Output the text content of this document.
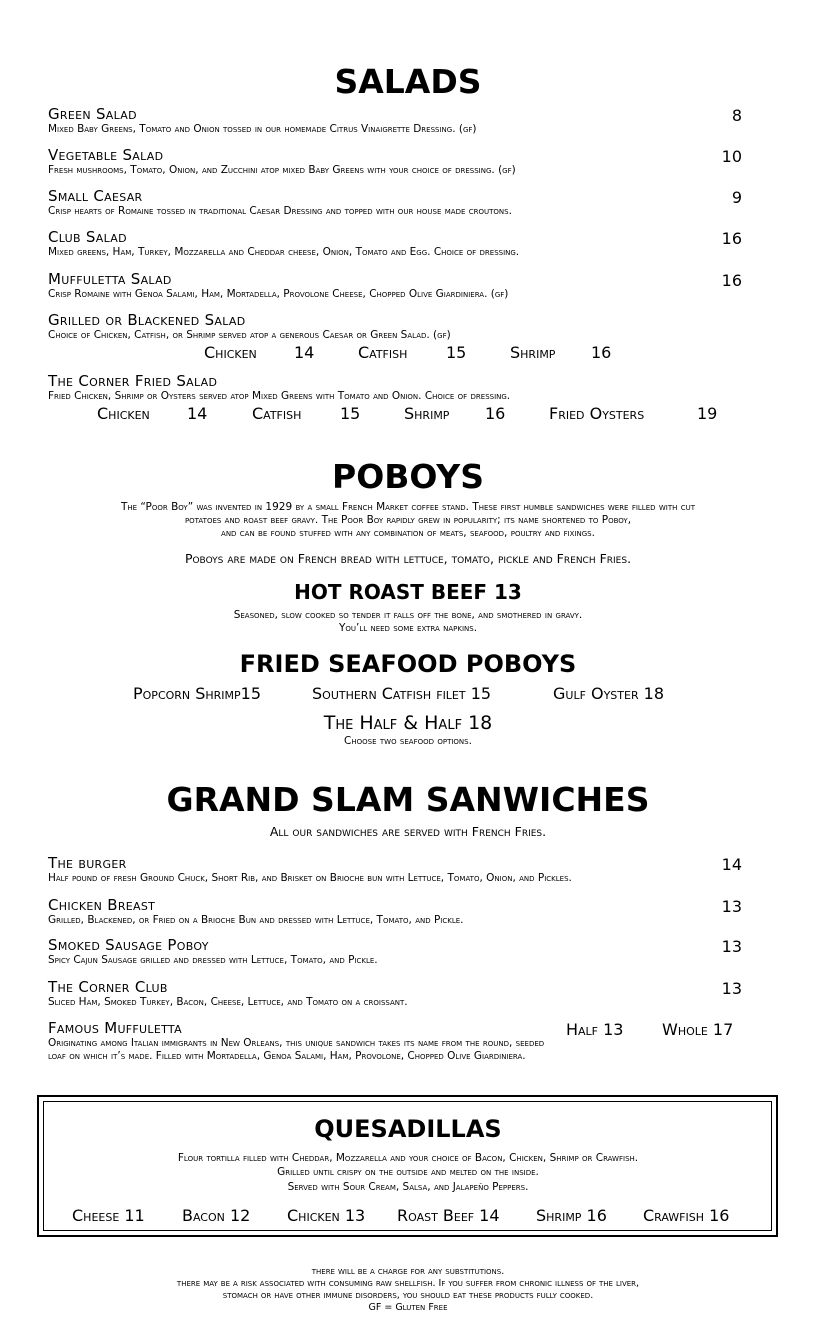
SALADS
Green Salad	8
Mixed Baby Greens, Tomato and Onion tossed in our homemade Citrus Vinaigrette Dressing. (gf)
Vegetable Salad	10
Fresh mushrooms, Tomato, Onion, and Zucchini atop mixed Baby Greens with your choice of dressing. (gf)
Small Caesar	9
Crisp hearts of Romaine tossed in traditional Caesar Dressing and topped with our house made croutons.
Club Salad	16
Mixed greens, Ham, Turkey, Mozzarella and Cheddar cheese, Onion, Tomato and Egg. Choice of dressing.
Muffuletta Salad	16
Crisp Romaine with Genoa Salami, Ham, Mortadella, Provolone Cheese, Chopped Olive Giardiniera. (gf)
Grilled or Blackened Salad
Choice of Chicken, Catfish, or Shrimp served atop a generous Caesar or Green Salad. (gf)
Chicken 14	Catfish 15	Shrimp 16
The Corner Fried Salad
Fried Chicken, Shrimp or Oysters served atop Mixed Greens with Tomato and Onion. Choice of dressing.
Chicken 14	Catfish 15	Shrimp 16	Fried Oysters	19
POBOYS
The “Poor Boy” was invented in 1929 by a small French Market coffee stand. These first humble sandwiches were filled with cut
potatoes and roast beef gravy. The Poor Boy rapidly grew in popularity; its name shortened to Poboy,
and can be found stuffed with any combination of meats, seafood, poultry and fixings.
Poboys are made on French bread with lettuce, tomato, pickle and French Fries.
HOT ROAST BEEF 13
Seasoned, slow cooked so tender it falls off the bone, and smothered in gravy.
You’ll need some extra napkins.
FRIED SEAFOOD POBOYS
Popcorn Shrimp15	Southern Catfish filet 15	Gulf Oyster 18
The Half & Half 18
Choose two seafood options.
GRAND SLAM SANWICHES
All our sandwiches are served with French Fries.
The burger	14
Half pound of fresh Ground Chuck, Short Rib, and Brisket on Brioche bun with Lettuce, Tomato, Onion, and Pickles.
Chicken Breast	13
Grilled, Blackened, or Fried on a Brioche Bun and dressed with Lettuce, Tomato, and Pickle.
Smoked Sausage Poboy	13
Spicy Cajun Sausage grilled and dressed with Lettuce, Tomato, and Pickle.
The Corner Club	13
Sliced Ham, Smoked Turkey, Bacon, Cheese, Lettuce, and Tomato on a croissant.
Famous Muffuletta	Half 13 Whole 17
Originating among Italian immigrants in New Orleans, this unique sandwich takes its name from the round, seeded
loaf on which it’s made. Filled with Mortadella, Genoa Salami, Ham, Provolone, Chopped Olive Giardiniera.
QUESADILLAS
Flour tortilla filled with Cheddar, Mozzarella and your choice of Bacon, Chicken, Shrimp or Crawfish.
Grilled until crispy on the outside and melted on the inside.
Served with Sour Cream, Salsa, and Jalapeño Peppers.
Cheese 11 Bacon 12 Chicken 13 Roast Beef 14 Shrimp 16 Crawfish 16
there will be a charge for any substitutions.
there may be a risk associated with consuming raw shellfish. If you suffer from chronic illness of the liver,
stomach or have other immune disorders, you should eat these products fully cooked.
GF = Gluten Free
